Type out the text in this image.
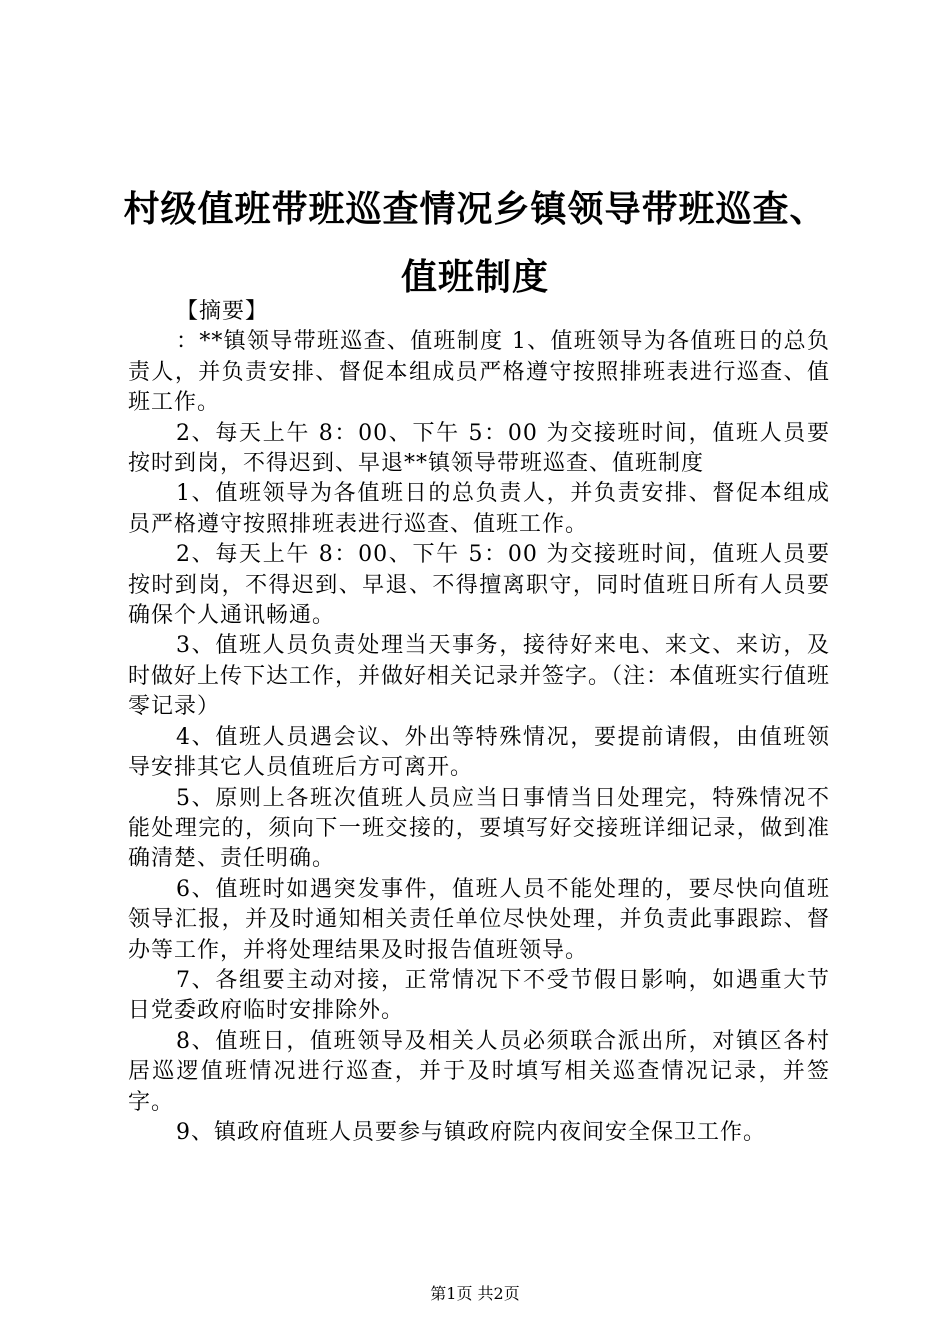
村级值班带班巡查情况乡镇领导带班巡查、值班制度

【摘要】

：**镇领导带班巡查、值班制度 1、值班领导为各值班日的总负责人，并负责安排、督促本组成员严格遵守按照排班表进行巡查、值班工作。

2、每天上午 8：00、下午 5：00 为交接班时间，值班人员要按时到岗，不得迟到、早退**镇领导带班巡查、值班制度

1、值班领导为各值班日的总负责人，并负责安排、督促本组成员严格遵守按照排班表进行巡查、值班工作。

2、每天上午 8：00、下午 5：00 为交接班时间，值班人员要按时到岗，不得迟到、早退、不得擅离职守，同时值班日所有人员要确保个人通讯畅通。

3、值班人员负责处理当天事务，接待好来电、来文、来访，及时做好上传下达工作，并做好相关记录并签字。（注：本值班实行值班零记录）

4、值班人员遇会议、外出等特殊情况，要提前请假，由值班领导安排其它人员值班后方可离开。

5、原则上各班次值班人员应当日事情当日处理完，特殊情况不能处理完的，须向下一班交接的，要填写好交接班详细记录，做到准确清楚、责任明确。

6、值班时如遇突发事件，值班人员不能处理的，要尽快向值班领导汇报，并及时通知相关责任单位尽快处理，并负责此事跟踪、督办等工作，并将处理结果及时报告值班领导。

7、各组要主动对接，正常情况下不受节假日影响，如遇重大节日党委政府临时安排除外。

8、值班日，值班领导及相关人员必须联合派出所，对镇区各村居巡逻值班情况进行巡查，并于及时填写相关巡查情况记录，并签字。

9、镇政府值班人员要参与镇政府院内夜间安全保卫工作。

第1页 共2页
